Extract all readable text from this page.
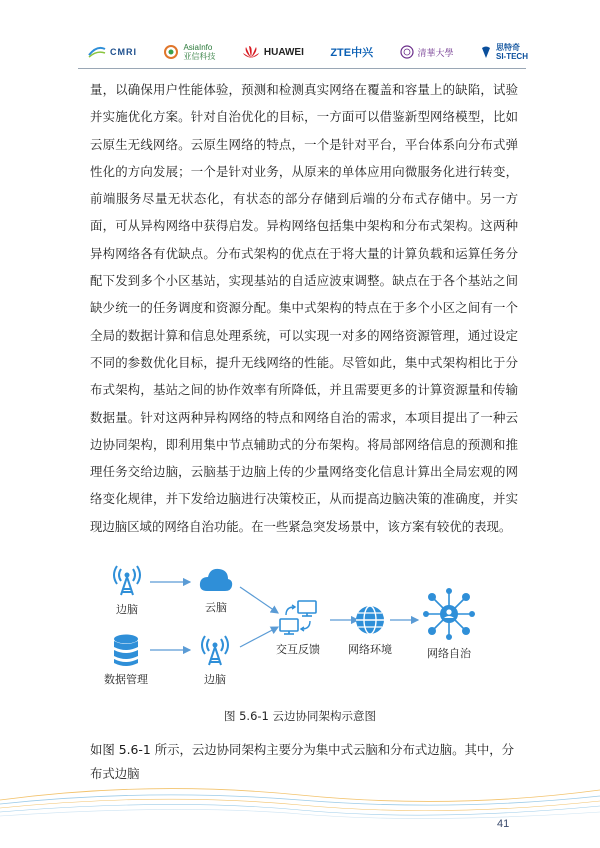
CMRI	AsiaInfo
亚信科技	HUAWEI ZTE中兴	清華大學	思特奇
SI-TECH

量，以确保用户性能体验，预测和检测真实网络在覆盖和容量上的缺陷，试验并实施优化方案。针对自治优化的目标，一方面可以借鉴新型网络模型，比如云原生无线网络。云原生网络的特点，一个是针对平台，平台体系向分布式弹性化的方向发展；一个是针对业务，从原来的单体应用向微服务化进行转变，前端服务尽量无状态化，有状态的部分存储到后端的分布式存储中。另一方面，可从异构网络中获得启发。异构网络包括集中架构和分布式架构。这两种异构网络各有优缺点。分布式架构的优点在于将大量的计算负载和运算任务分配下发到多个小区基站，实现基站的自适应波束调整。缺点在于各个基站之间缺少统一的任务调度和资源分配。集中式架构的特点在于多个小区之间有一个全局的数据计算和信息处理系统，可以实现一对多的网络资源管理，通过设定不同的参数优化目标，提升无线网络的性能。尽管如此，集中式架构相比于分布式架构，基站之间的协作效率有所降低，并且需要更多的计算资源量和传输数据量。针对这两种异构网络的特点和网络自治的需求，本项目提出了一种云边协同架构，即利用集中节点辅助式的分布架构。将局部网络信息的预测和推理任务交给边脑，云脑基于边脑上传的少量网络变化信息计算出全局宏观的网络变化规律，并下发给边脑进行决策校正，从而提高边脑决策的准确度，并实现边脑区域的网络自治功能。在一些紧急突发场景中，该方案有较优的表现。

边脑	云脑
数据管理	边脑
交互反馈	网络环境	网络自治
图 5.6-1 云边协同架构示意图

如图 5.6-1 所示，云边协同架构主要分为集中式云脑和分布式边脑。其中，分布式边脑

41
